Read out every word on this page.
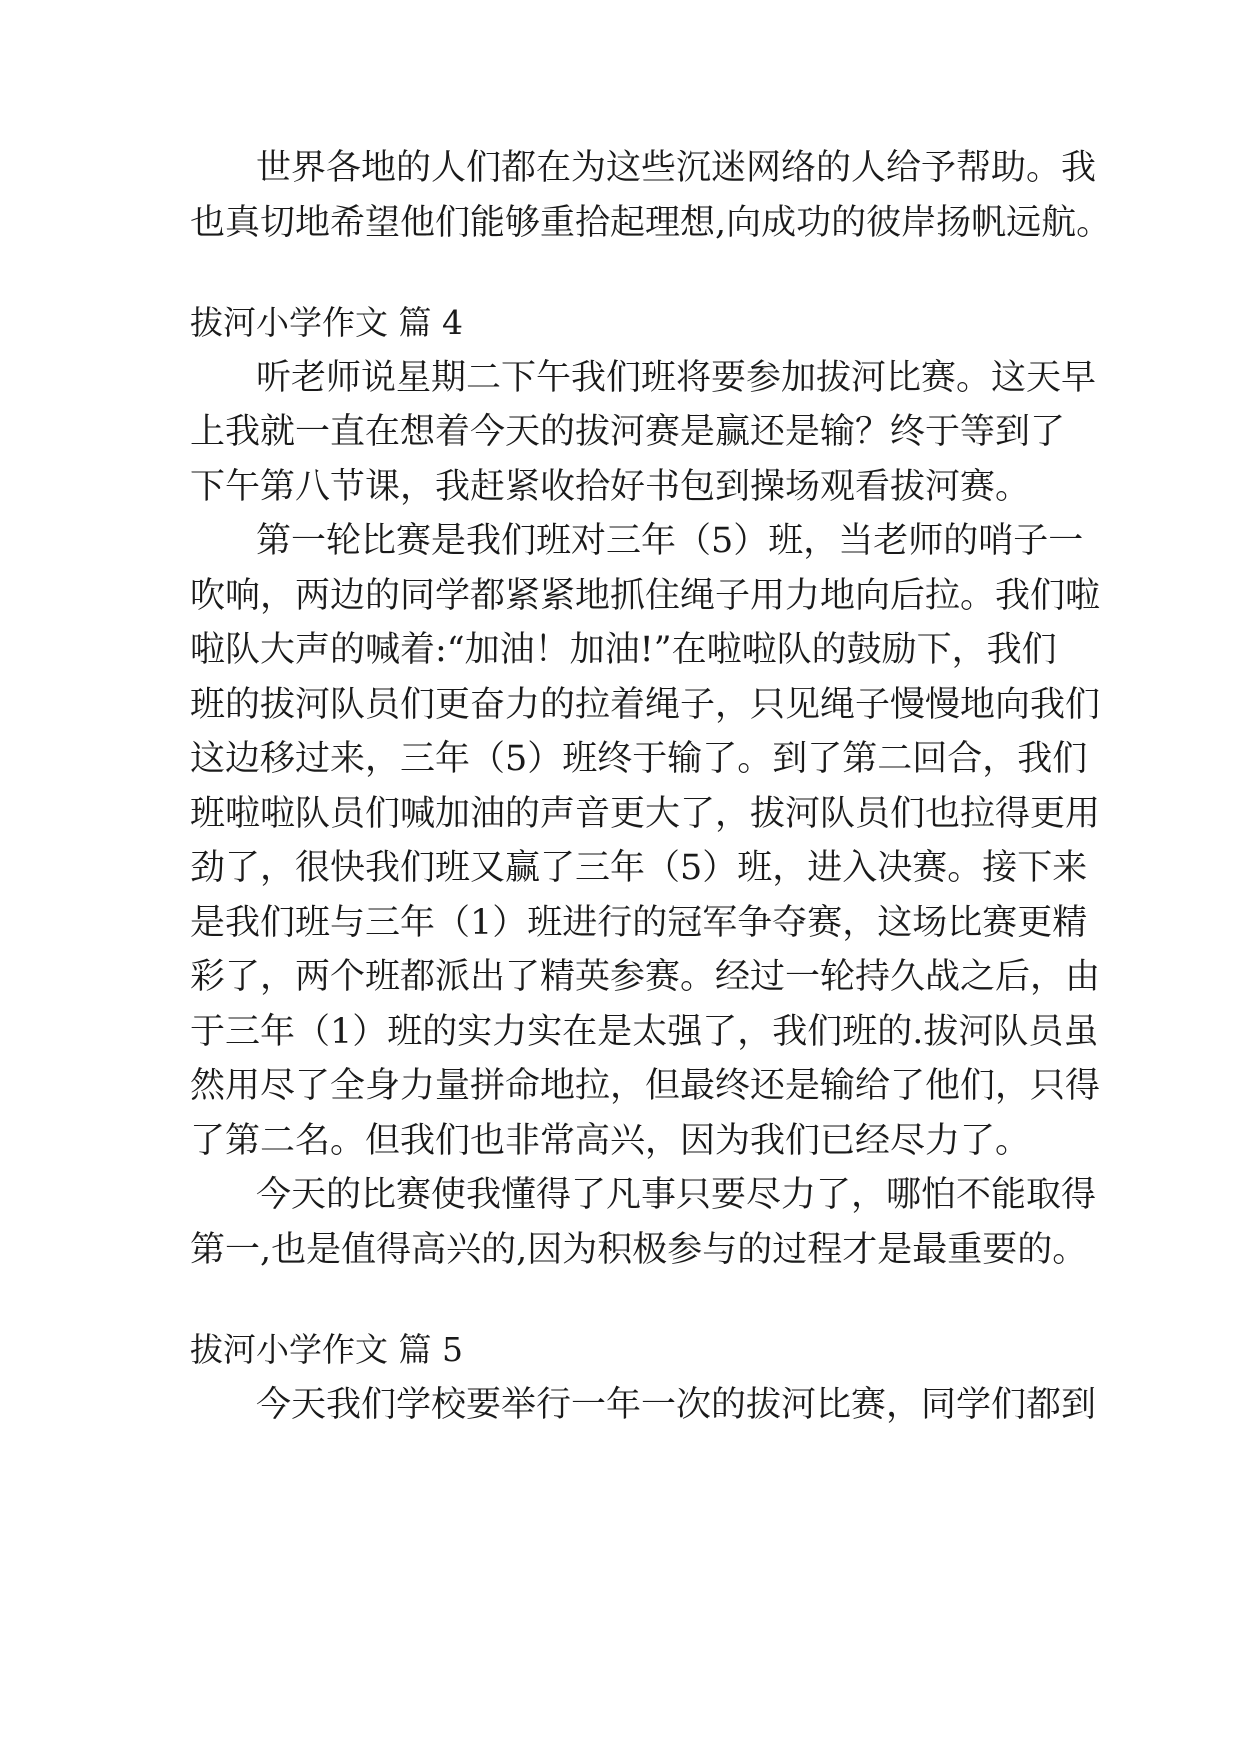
世界各地的人们都在为这些沉迷网络的人给予帮助。我
也真切地希望他们能够重拾起理想,向成功的彼岸扬帆远航。
拔河小学作文 篇 4
听老师说星期二下午我们班将要参加拔河比赛。这天早
上我就一直在想着今天的拔河赛是赢还是输？终于等到了
下午第八节课，我赶紧收拾好书包到操场观看拔河赛。
第一轮比赛是我们班对三年（5）班，当老师的哨子一
吹响，两边的同学都紧紧地抓住绳子用力地向后拉。我们啦
啦队大声的喊着:“加油！加油!”在啦啦队的鼓励下，我们
班的拔河队员们更奋力的拉着绳子，只见绳子慢慢地向我们
这边移过来，三年（5）班终于输了。到了第二回合，我们
班啦啦队员们喊加油的声音更大了，拔河队员们也拉得更用
劲了，很快我们班又赢了三年（5）班，进入决赛。接下来
是我们班与三年（1）班进行的冠军争夺赛，这场比赛更精
彩了，两个班都派出了精英参赛。经过一轮持久战之后，由
于三年（1）班的实力实在是太强了，我们班的.拔河队员虽
然用尽了全身力量拼命地拉，但最终还是输给了他们，只得
了第二名。但我们也非常高兴，因为我们已经尽力了。
今天的比赛使我懂得了凡事只要尽力了，哪怕不能取得
第一,也是值得高兴的,因为积极参与的过程才是最重要的。
拔河小学作文 篇 5
今天我们学校要举行一年一次的拔河比赛，同学们都到
